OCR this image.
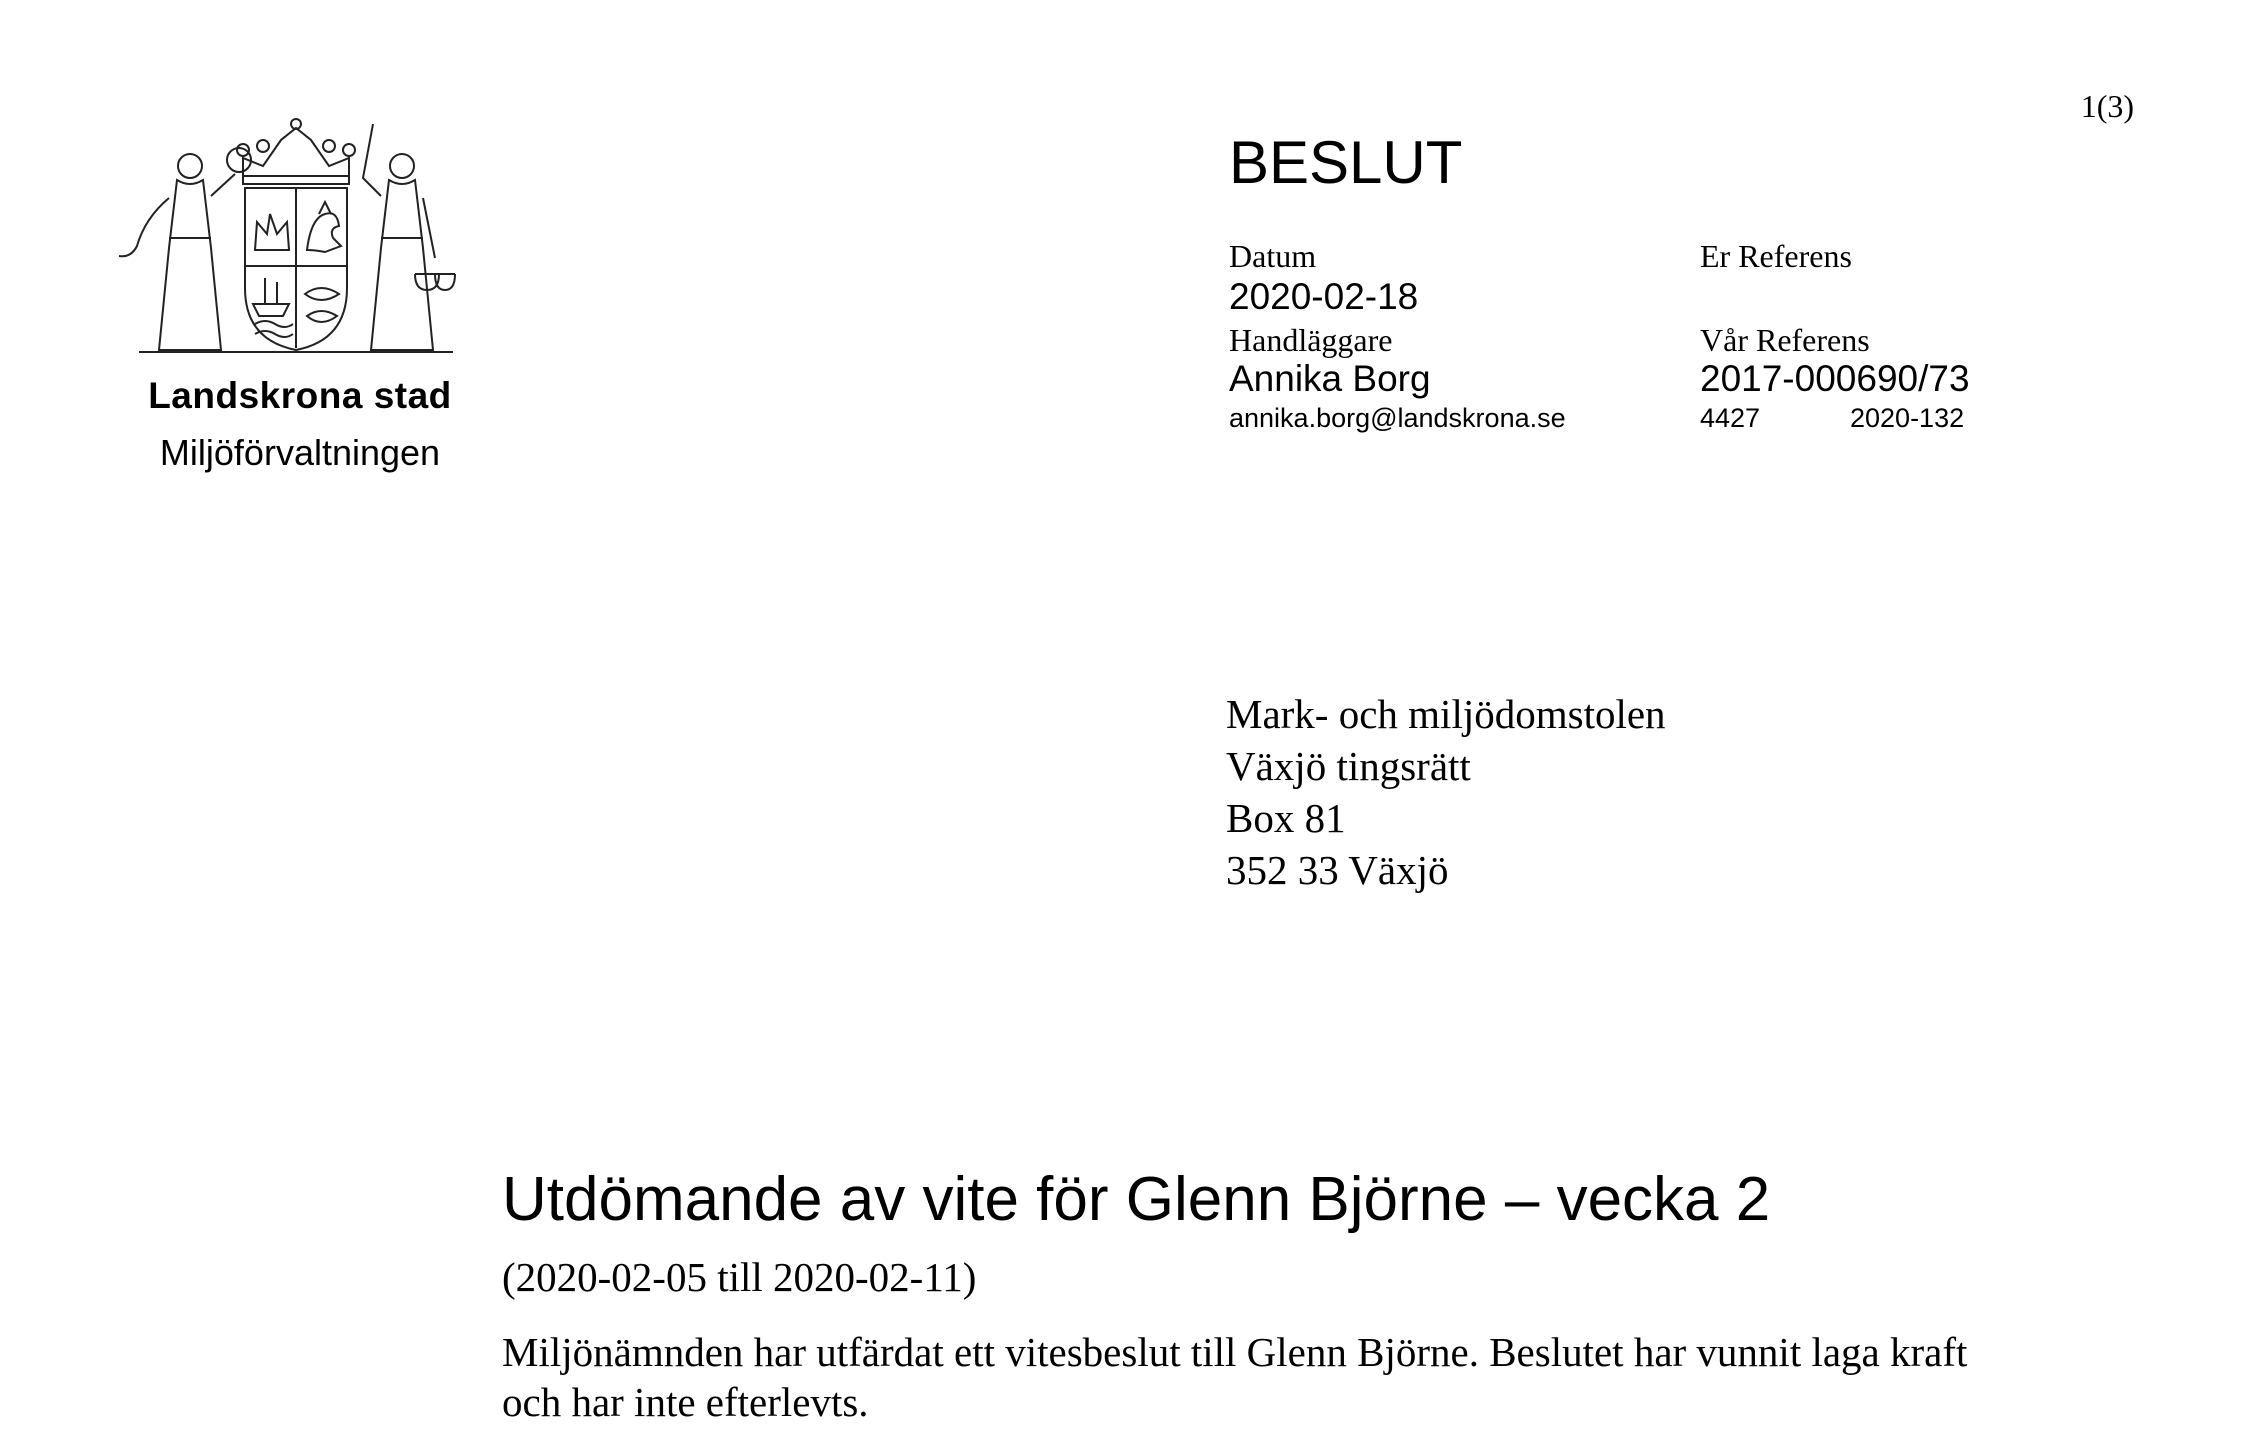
1(3)
Landskrona stad
Miljöförvaltningen
BESLUT
Datum
2020-02-18
Handläggare
Annika Borg
annika.borg@landskrona.se
Er Referens
Vår Referens
2017-000690/73
4427	2020-132
Mark- och miljödomstolen
Växjö tingsrätt
Box 81
352 33 Växjö
Utdömande av vite för Glenn Björne – vecka 2
(2020-02-05 till 2020-02-11)
Miljönämnden har utfärdat ett vitesbeslut till Glenn Björne. Beslutet har vunnit laga kraft och har inte efterlevts.
